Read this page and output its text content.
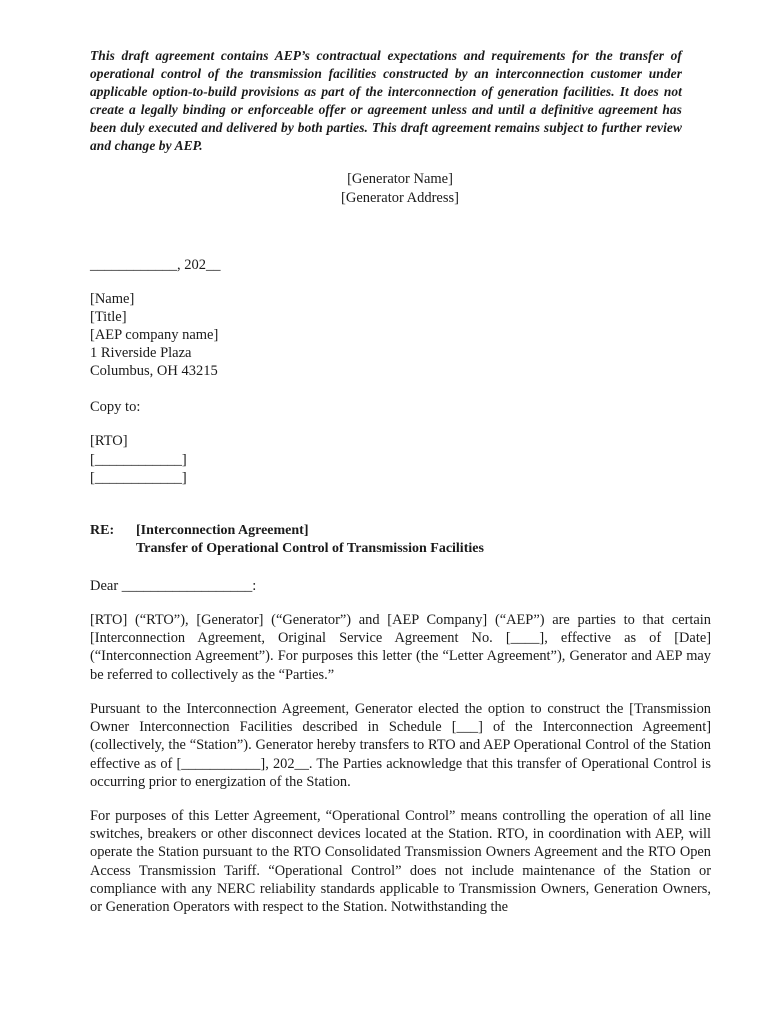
This draft agreement contains AEP’s contractual expectations and requirements for the transfer of operational control of the transmission facilities constructed by an interconnection customer under applicable option-to-build provisions as part of the interconnection of generation facilities. It does not create a legally binding or enforceable offer or agreement unless and until a definitive agreement has been duly executed and delivered by both parties. This draft agreement remains subject to further review and change by AEP.
[Generator Name]
[Generator Address]
____________, 202__
[Name]
[Title]
[AEP company name]
1 Riverside Plaza
Columbus, OH 43215
Copy to:
[RTO]
[____________]
[____________]
RE: [Interconnection Agreement]
Transfer of Operational Control of Transmission Facilities
Dear __________________:
[RTO] (“RTO”), [Generator] (“Generator”) and [AEP Company] (“AEP”) are parties to that certain [Interconnection Agreement, Original Service Agreement No. [____], effective as of [Date] (“Interconnection Agreement”). For purposes this letter (the “Letter Agreement”), Generator and AEP may be referred to collectively as the “Parties.”
Pursuant to the Interconnection Agreement, Generator elected the option to construct the [Transmission Owner Interconnection Facilities described in Schedule [___] of the Interconnection Agreement] (collectively, the “Station”). Generator hereby transfers to RTO and AEP Operational Control of the Station effective as of [___________], 202__. The Parties acknowledge that this transfer of Operational Control is occurring prior to energization of the Station.
For purposes of this Letter Agreement, “Operational Control” means controlling the operation of all line switches, breakers or other disconnect devices located at the Station. RTO, in coordination with AEP, will operate the Station pursuant to the RTO Consolidated Transmission Owners Agreement and the RTO Open Access Transmission Tariff. “Operational Control” does not include maintenance of the Station or compliance with any NERC reliability standards applicable to Transmission Owners, Generation Owners, or Generation Operators with respect to the Station. Notwithstanding the
